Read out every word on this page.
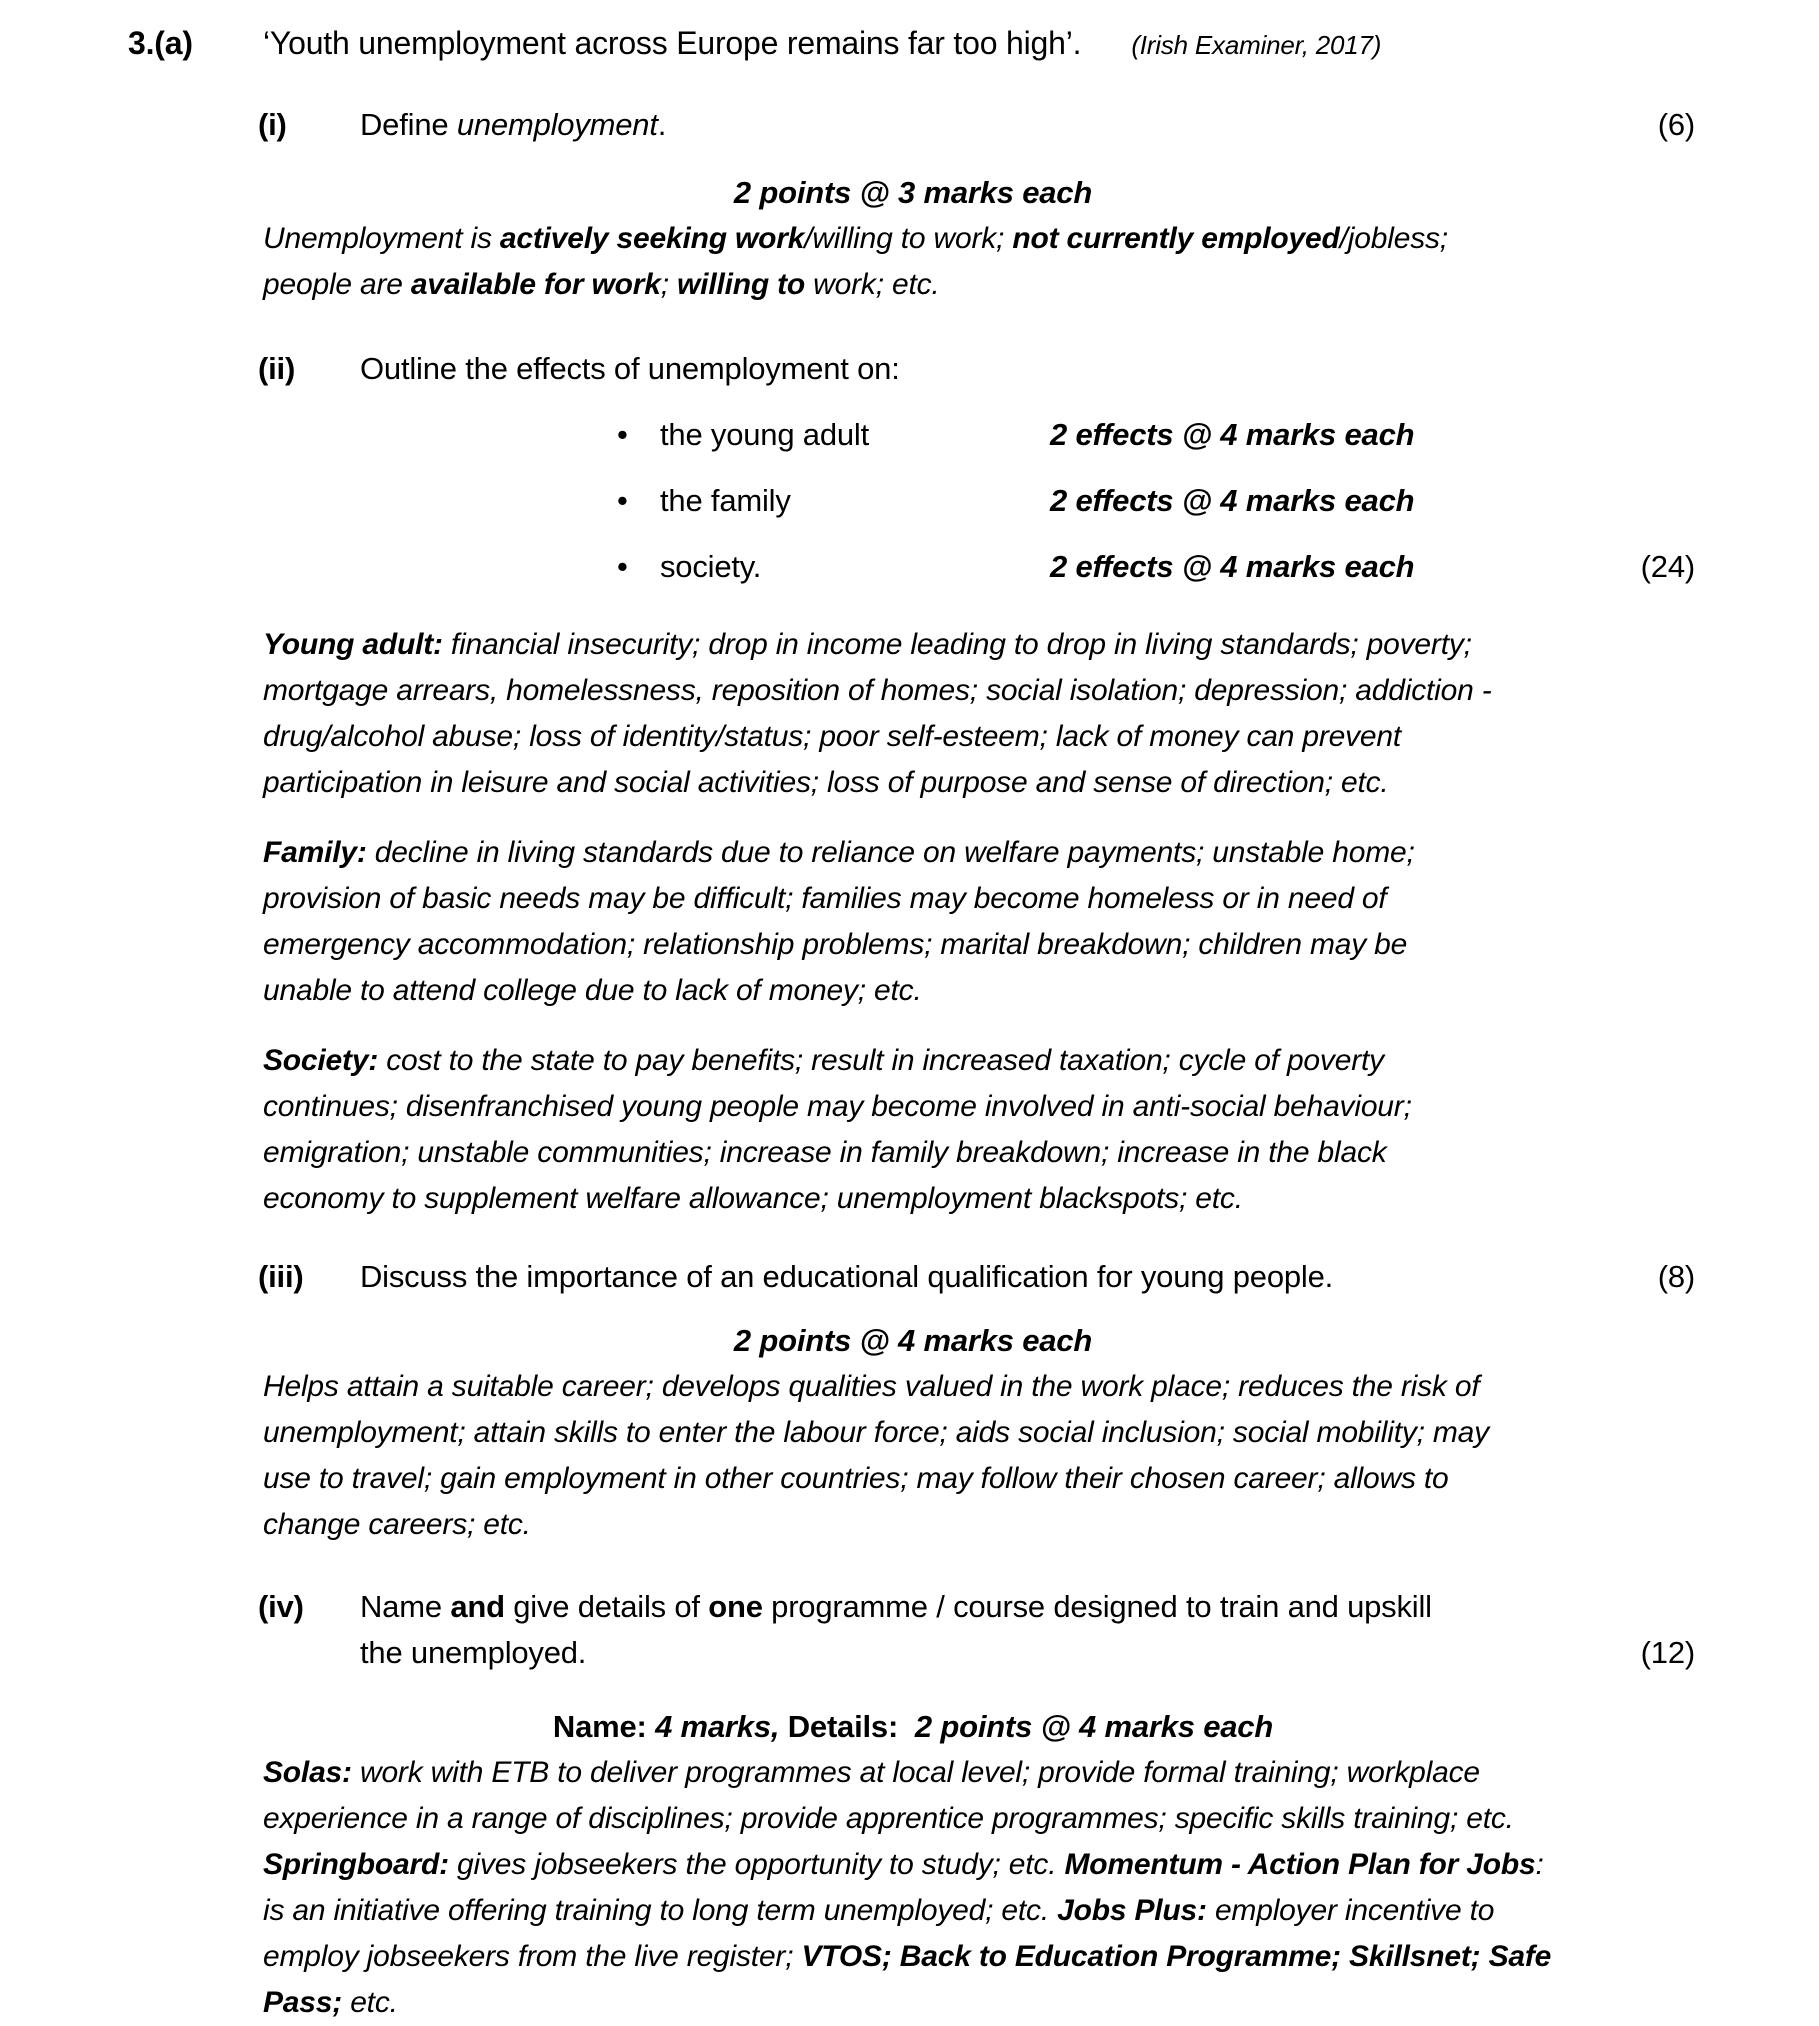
3.(a)	‘Youth unemployment across Europe remains far too high’. (Irish Examiner, 2017)
(i)	Define unemployment.	(6)
2 points @ 3 marks each
Unemployment is actively seeking work/willing to work; not currently employed/jobless;
people are available for work; willing to work; etc.
(ii)	Outline the effects of unemployment on:
•	the young adult	2 effects @ 4 marks each
•	the family	2 effects @ 4 marks each
•	society.	2 effects @ 4 marks each	(24)
Young adult: financial insecurity; drop in income leading to drop in living standards; poverty;
mortgage arrears, homelessness, reposition of homes; social isolation; depression; addiction -
drug/alcohol abuse; loss of identity/status; poor self-esteem; lack of money can prevent
participation in leisure and social activities; loss of purpose and sense of direction; etc.
Family: decline in living standards due to reliance on welfare payments; unstable home;
provision of basic needs may be difficult; families may become homeless or in need of
emergency accommodation; relationship problems; marital breakdown; children may be
unable to attend college due to lack of money; etc.
Society: cost to the state to pay benefits; result in increased taxation; cycle of poverty
continues; disenfranchised young people may become involved in anti-social behaviour;
emigration; unstable communities; increase in family breakdown; increase in the black
economy to supplement welfare allowance; unemployment blackspots; etc.
(iii)	Discuss the importance of an educational qualification for young people.	(8)
2 points @ 4 marks each
Helps attain a suitable career; develops qualities valued in the work place; reduces the risk of
unemployment; attain skills to enter the labour force; aids social inclusion; social mobility; may
use to travel; gain employment in other countries; may follow their chosen career; allows to
change careers; etc.
(iv)	Name and give details of one programme / course designed to train and upskill
the unemployed.	(12)
Name: 4 marks, Details:  2 points @ 4 marks each
Solas: work with ETB to deliver programmes at local level; provide formal training; workplace
experience in a range of disciplines; provide apprentice programmes; specific skills training; etc.
Springboard: gives jobseekers the opportunity to study; etc. Momentum - Action Plan for Jobs:
is an initiative offering training to long term unemployed; etc. Jobs Plus: employer incentive to
employ jobseekers from the live register; VTOS; Back to Education Programme; Skillsnet; Safe
Pass; etc.
